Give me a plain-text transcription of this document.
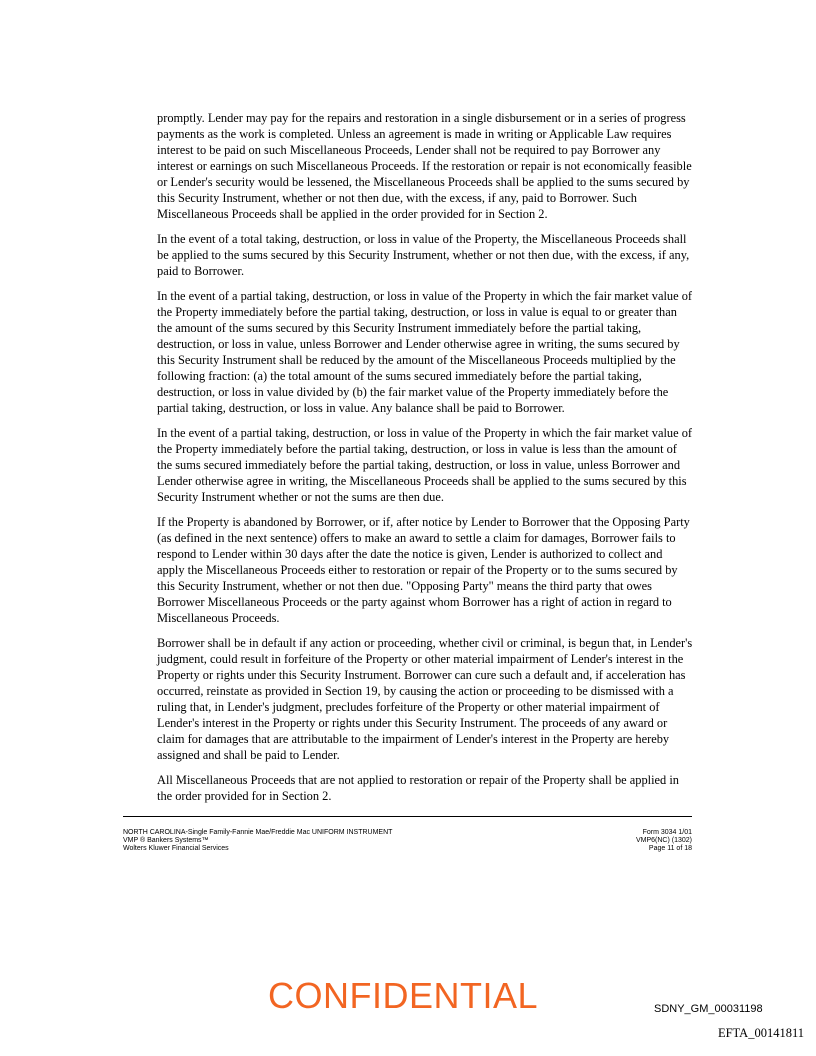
promptly. Lender may pay for the repairs and restoration in a single disbursement or in a series of progress payments as the work is completed. Unless an agreement is made in writing or Applicable Law requires interest to be paid on such Miscellaneous Proceeds, Lender shall not be required to pay Borrower any interest or earnings on such Miscellaneous Proceeds. If the restoration or repair is not economically feasible or Lender's security would be lessened, the Miscellaneous Proceeds shall be applied to the sums secured by this Security Instrument, whether or not then due, with the excess, if any, paid to Borrower. Such Miscellaneous Proceeds shall be applied in the order provided for in Section 2.

In the event of a total taking, destruction, or loss in value of the Property, the Miscellaneous Proceeds shall be applied to the sums secured by this Security Instrument, whether or not then due, with the excess, if any, paid to Borrower.

In the event of a partial taking, destruction, or loss in value of the Property in which the fair market value of the Property immediately before the partial taking, destruction, or loss in value is equal to or greater than the amount of the sums secured by this Security Instrument immediately before the partial taking, destruction, or loss in value, unless Borrower and Lender otherwise agree in writing, the sums secured by this Security Instrument shall be reduced by the amount of the Miscellaneous Proceeds multiplied by the following fraction: (a) the total amount of the sums secured immediately before the partial taking, destruction, or loss in value divided by (b) the fair market value of the Property immediately before the partial taking, destruction, or loss in value. Any balance shall be paid to Borrower.

In the event of a partial taking, destruction, or loss in value of the Property in which the fair market value of the Property immediately before the partial taking, destruction, or loss in value is less than the amount of the sums secured immediately before the partial taking, destruction, or loss in value, unless Borrower and Lender otherwise agree in writing, the Miscellaneous Proceeds shall be applied to the sums secured by this Security Instrument whether or not the sums are then due.

If the Property is abandoned by Borrower, or if, after notice by Lender to Borrower that the Opposing Party (as defined in the next sentence) offers to make an award to settle a claim for damages, Borrower fails to respond to Lender within 30 days after the date the notice is given, Lender is authorized to collect and apply the Miscellaneous Proceeds either to restoration or repair of the Property or to the sums secured by this Security Instrument, whether or not then due. "Opposing Party" means the third party that owes Borrower Miscellaneous Proceeds or the party against whom Borrower has a right of action in regard to Miscellaneous Proceeds.

Borrower shall be in default if any action or proceeding, whether civil or criminal, is begun that, in Lender's judgment, could result in forfeiture of the Property or other material impairment of Lender's interest in the Property or rights under this Security Instrument. Borrower can cure such a default and, if acceleration has occurred, reinstate as provided in Section 19, by causing the action or proceeding to be dismissed with a ruling that, in Lender's judgment, precludes forfeiture of the Property or other material impairment of Lender's interest in the Property or rights under this Security Instrument. The proceeds of any award or claim for damages that are attributable to the impairment of Lender's interest in the Property are hereby assigned and shall be paid to Lender.

All Miscellaneous Proceeds that are not applied to restoration or repair of the Property shall be applied in the order provided for in Section 2.

NORTH CAROLINA-Single Family-Fannie Mae/Freddie Mac UNIFORM INSTRUMENT
VMP ® Bankers Systems™
Wolters Kluwer Financial Services
Form 3034 1/01
VMP6(NC) (1302)
Page 11 of 18
CONFIDENTIAL	SDNY_GM_00031198
EFTA_00141811
